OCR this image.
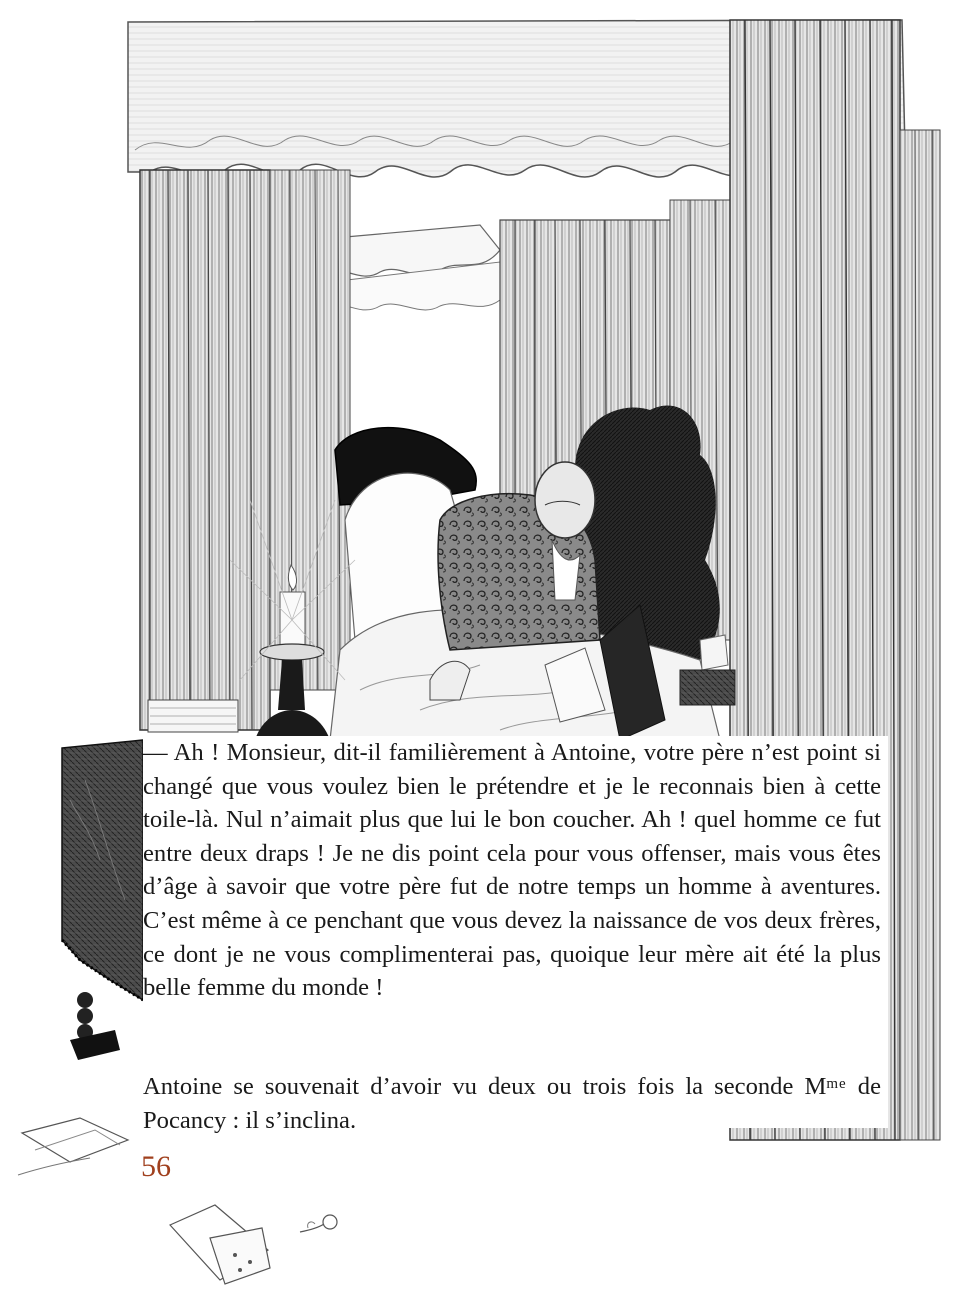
— Ah ! Monsieur, dit-il familièrement à Antoine, votre père n’est point si changé que vous voulez bien le prétendre et je le reconnais bien à cette toile-là. Nul n’aimait plus que lui le bon coucher. Ah ! quel homme ce fut entre deux draps ! Je ne dis point cela pour vous offenser, mais vous êtes d’âge à savoir que votre père fut de notre temps un homme à aventures. C’est même à ce penchant que vous devez la naissance de vos deux frères, ce dont je ne vous complimenterai pas, quoique leur mère ait été la plus belle femme du monde !

Antoine se souvenait d’avoir vu deux ou trois fois la seconde $M^{me}$ de Pocancy : il s’inclina.

56
